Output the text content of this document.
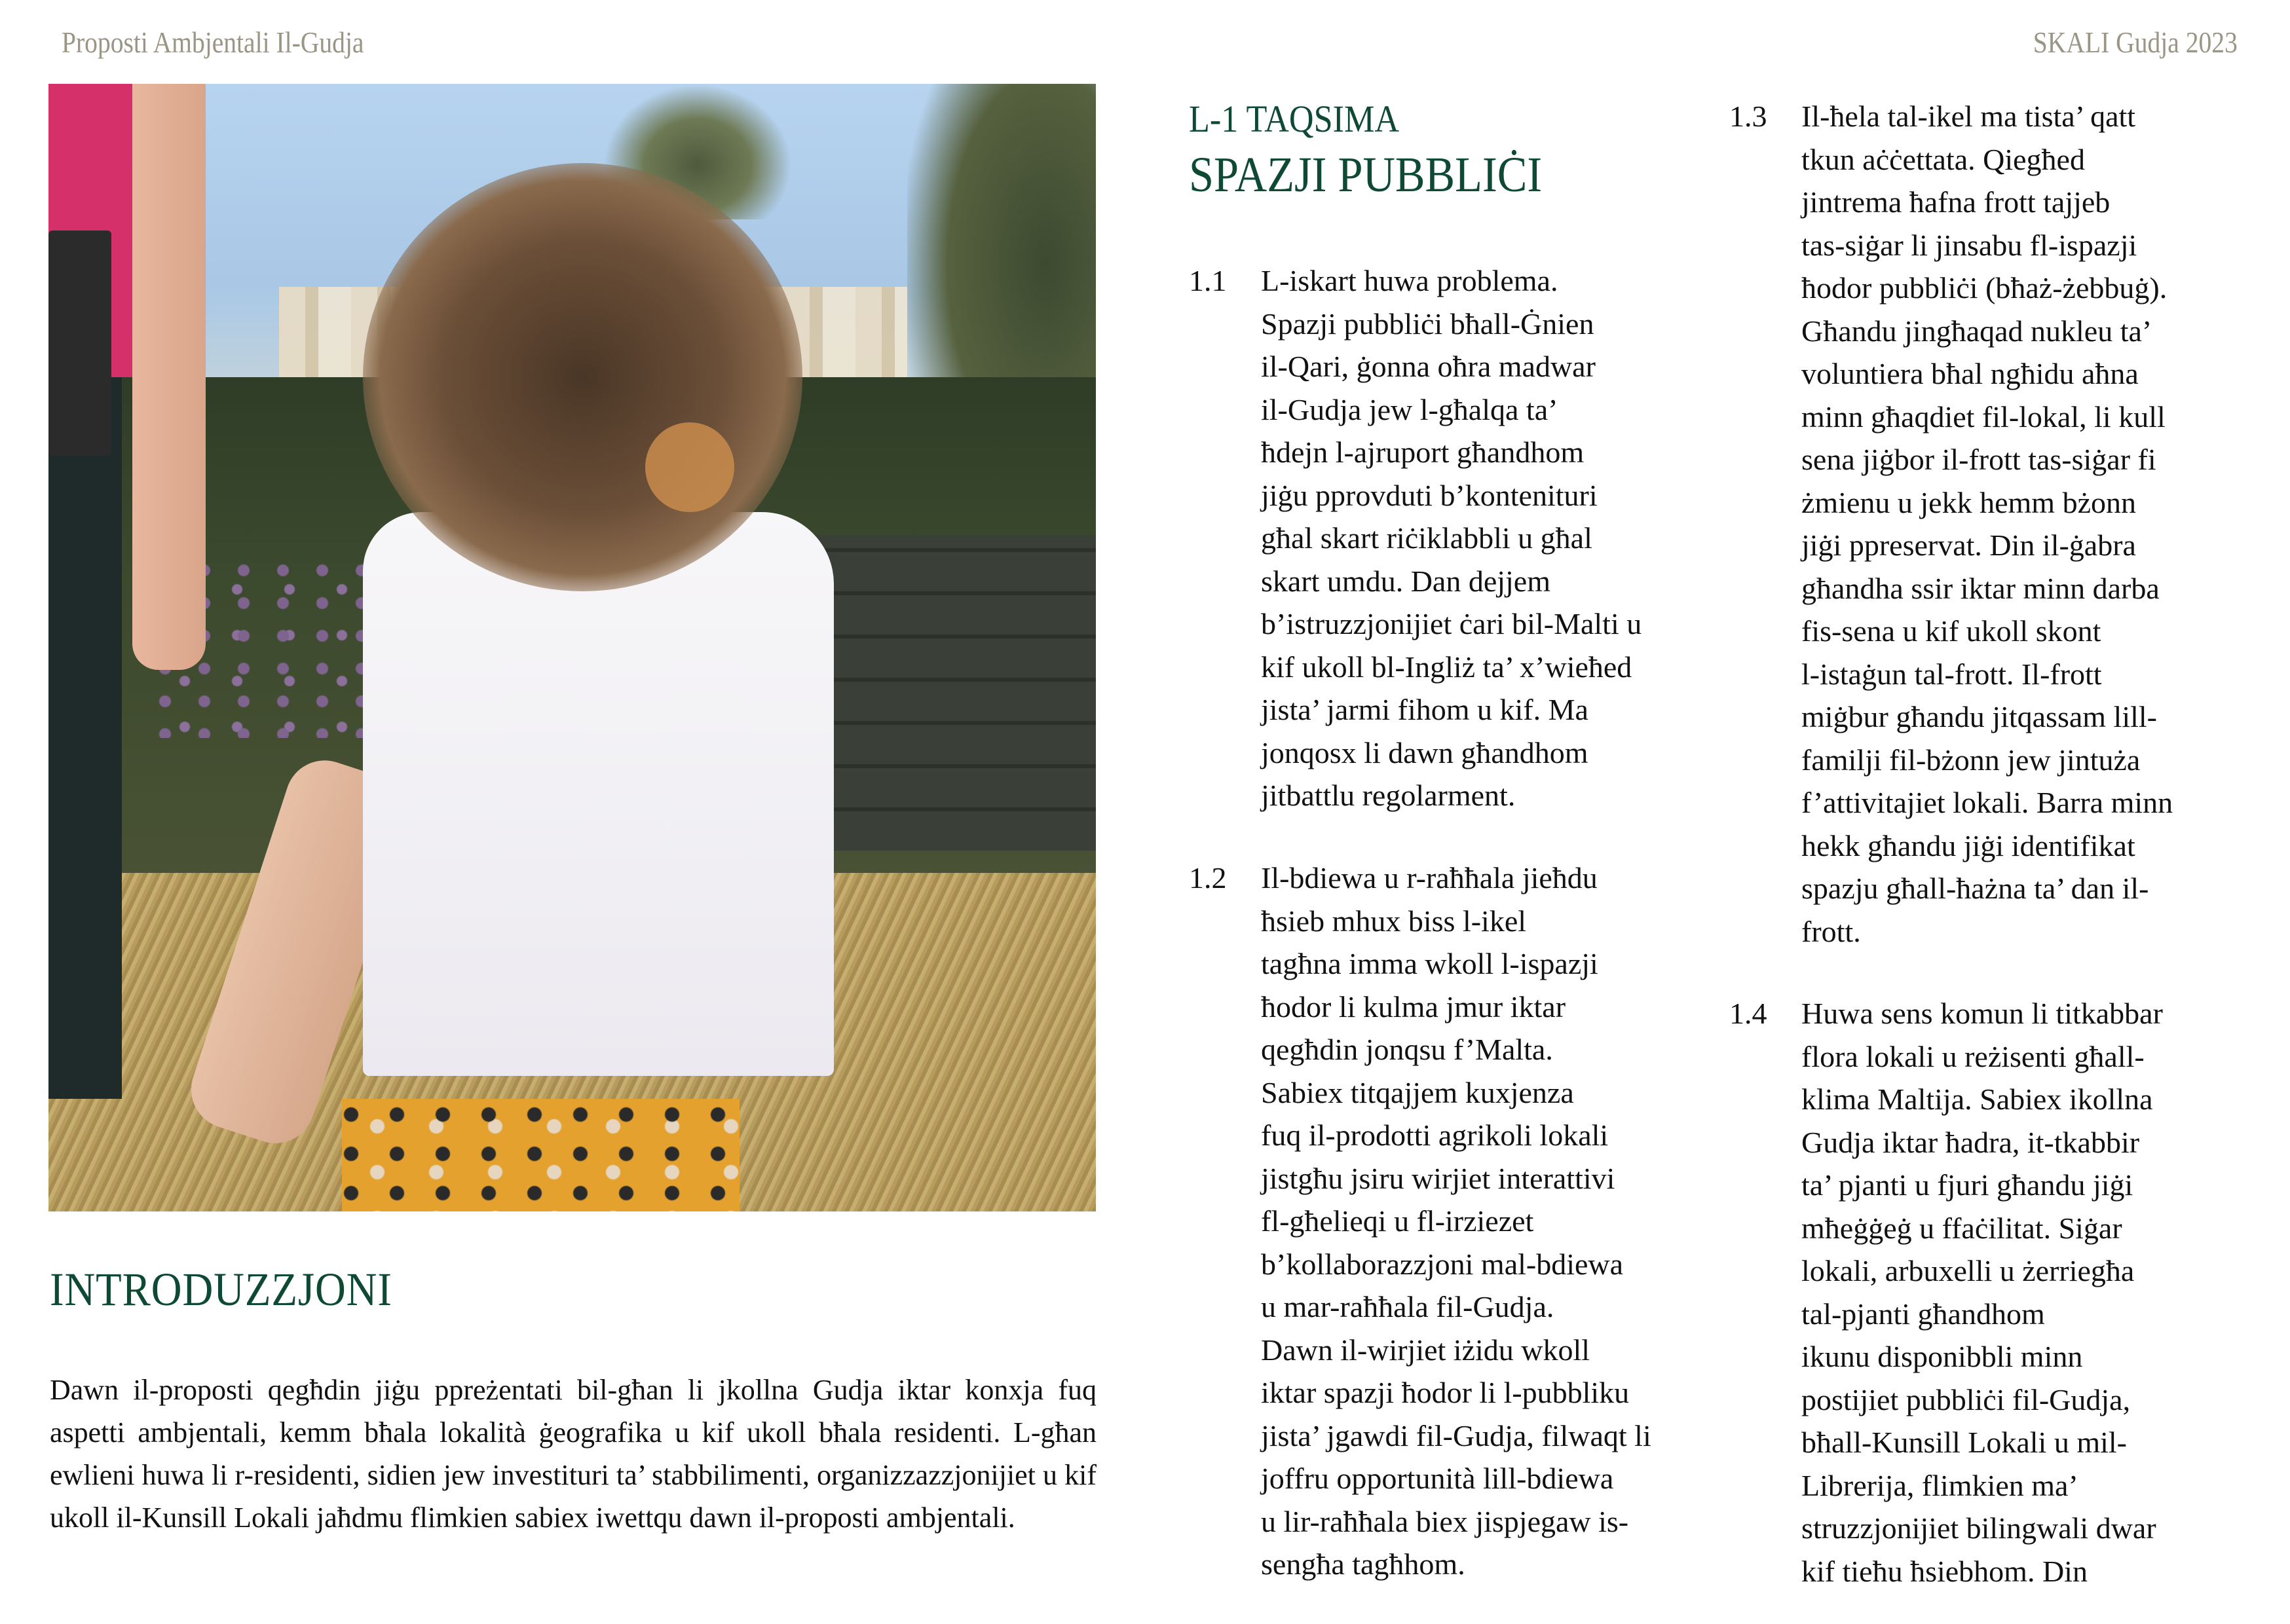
Proposti Ambjentali Il-Gudja	SKALI Gudja 2023
INTRODUZZJONI

Dawn il-proposti qegħdin jiġu ppreżentati bil-għan li jkollna Gudja iktar konxja fuq aspetti ambjentali, kemm bħala lokalità ġeografika u kif ukoll bħala residenti. L-għan ewlieni huwa li r-residenti, sidien jew investituri ta’ stabbilimenti, organizzazzjonijiet u kif ukoll il-Kunsill Lokali jaħdmu flimkien sabiex iwettqu dawn il-proposti ambjentali.

L-1 TAQSIMA
SPAZJI PUBBLIĊI
1.1 L-iskart huwa problema.
Spazji pubbliċi bħall-Ġnien
il-Qari, ġonna oħra madwar
il-Gudja jew l-għalqa ta’
ħdejn l-ajruport għandhom
jiġu pprovduti b’kontenituri
għal skart riċiklabbli u għal
skart umdu. Dan dejjem
b’istruzzjonijiet ċari bil-Malti u
kif ukoll bl-Ingliż ta’ x’wieħed
jista’ jarmi fihom u kif. Ma
jonqosx li dawn għandhom
jitbattlu regolarment.
1.2 Il-bdiewa u r-raħħala jieħdu
ħsieb mhux biss l-ikel
tagħna imma wkoll l-ispazji
ħodor li kulma jmur iktar
qegħdin jonqsu f’Malta.
Sabiex titqajjem kuxjenza
fuq il-prodotti agrikoli lokali
jistgħu jsiru wirjiet interattivi
fl-għelieqi u fl-irziezet
b’kollaborazzjoni mal-bdiewa
u mar-raħħala fil-Gudja.
Dawn il-wirjiet iżidu wkoll
iktar spazji ħodor li l-pubbliku
jista’ jgawdi fil-Gudja, filwaqt li
joffru opportunità lill-bdiewa
u lir-raħħala biex jispjegaw is-
sengħa tagħhom.
1.3 Il-ħela tal-ikel ma tista’ qatt
tkun aċċettata. Qiegħed
jintrema ħafna frott tajjeb
tas-siġar li jinsabu fl-ispazji
ħodor pubbliċi (bħaż-żebbuġ).
Għandu jingħaqad nukleu ta’
voluntiera bħal ngħidu aħna
minn għaqdiet fil-lokal, li kull
sena jiġbor il-frott tas-siġar fi
żmienu u jekk hemm bżonn
jiġi ppreservat. Din il-ġabra
għandha ssir iktar minn darba
fis-sena u kif ukoll skont
l-istaġun tal-frott. Il-frott
miġbur għandu jitqassam lill-
familji fil-bżonn jew jintuża
f’attivitajiet lokali. Barra minn
hekk għandu jiġi identifikat
spazju għall-ħażna ta’ dan il-
frott.
1.4 Huwa sens komun li titkabbar
flora lokali u reżisenti għall-
klima Maltija. Sabiex ikollna
Gudja iktar ħadra, it-tkabbir
ta’ pjanti u fjuri għandu jiġi
mħeġġeġ u ffaċilitat. Siġar
lokali, arbuxelli u żerriegħa
tal-pjanti għandhom
ikunu disponibbli minn
postijiet pubbliċi fil-Gudja,
bħall-Kunsill Lokali u mil-
Librerija, flimkien ma’
struzzjonijiet bilingwali dwar
kif tieħu ħsiebhom. Din
